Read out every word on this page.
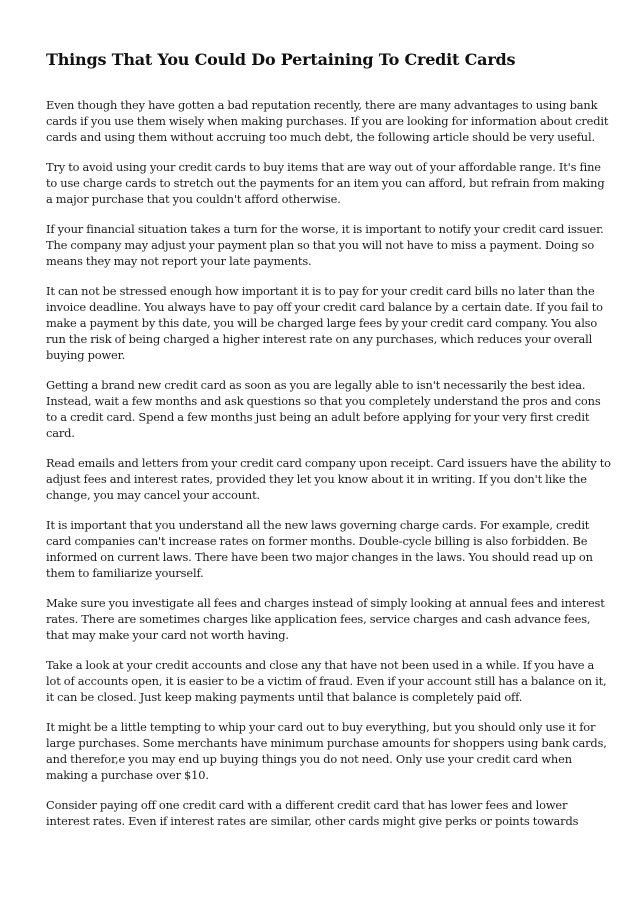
Things That You Could Do Pertaining To Credit Cards

Even though they have gotten a bad reputation recently, there are many advantages to using bank
cards if you use them wisely when making purchases. If you are looking for information about credit
cards and using them without accruing too much debt, the following article should be very useful.

Try to avoid using your credit cards to buy items that are way out of your affordable range. It's fine
to use charge cards to stretch out the payments for an item you can afford, but refrain from making
a major purchase that you couldn't afford otherwise.

If your financial situation takes a turn for the worse, it is important to notify your credit card issuer.
The company may adjust your payment plan so that you will not have to miss a payment. Doing so
means they may not report your late payments.

It can not be stressed enough how important it is to pay for your credit card bills no later than the
invoice deadline. You always have to pay off your credit card balance by a certain date. If you fail to
make a payment by this date, you will be charged large fees by your credit card company. You also
run the risk of being charged a higher interest rate on any purchases, which reduces your overall
buying power.

Getting a brand new credit card as soon as you are legally able to isn't necessarily the best idea.
Instead, wait a few months and ask questions so that you completely understand the pros and cons
to a credit card. Spend a few months just being an adult before applying for your very first credit
card.

Read emails and letters from your credit card company upon receipt. Card issuers have the ability to
adjust fees and interest rates, provided they let you know about it in writing. If you don't like the
change, you may cancel your account.

It is important that you understand all the new laws governing charge cards. For example, credit
card companies can't increase rates on former months. Double-cycle billing is also forbidden. Be
informed on current laws. There have been two major changes in the laws. You should read up on
them to familiarize yourself.

Make sure you investigate all fees and charges instead of simply looking at annual fees and interest
rates. There are sometimes charges like application fees, service charges and cash advance fees,
that may make your card not worth having.

Take a look at your credit accounts and close any that have not been used in a while. If you have a
lot of accounts open, it is easier to be a victim of fraud. Even if your account still has a balance on it,
it can be closed. Just keep making payments until that balance is completely paid off.

It might be a little tempting to whip your card out to buy everything, but you should only use it for
large purchases. Some merchants have minimum purchase amounts for shoppers using bank cards,
and therefor,e you may end up buying things you do not need. Only use your credit card when
making a purchase over $10.

Consider paying off one credit card with a different credit card that has lower fees and lower
interest rates. Even if interest rates are similar, other cards might give perks or points towards
